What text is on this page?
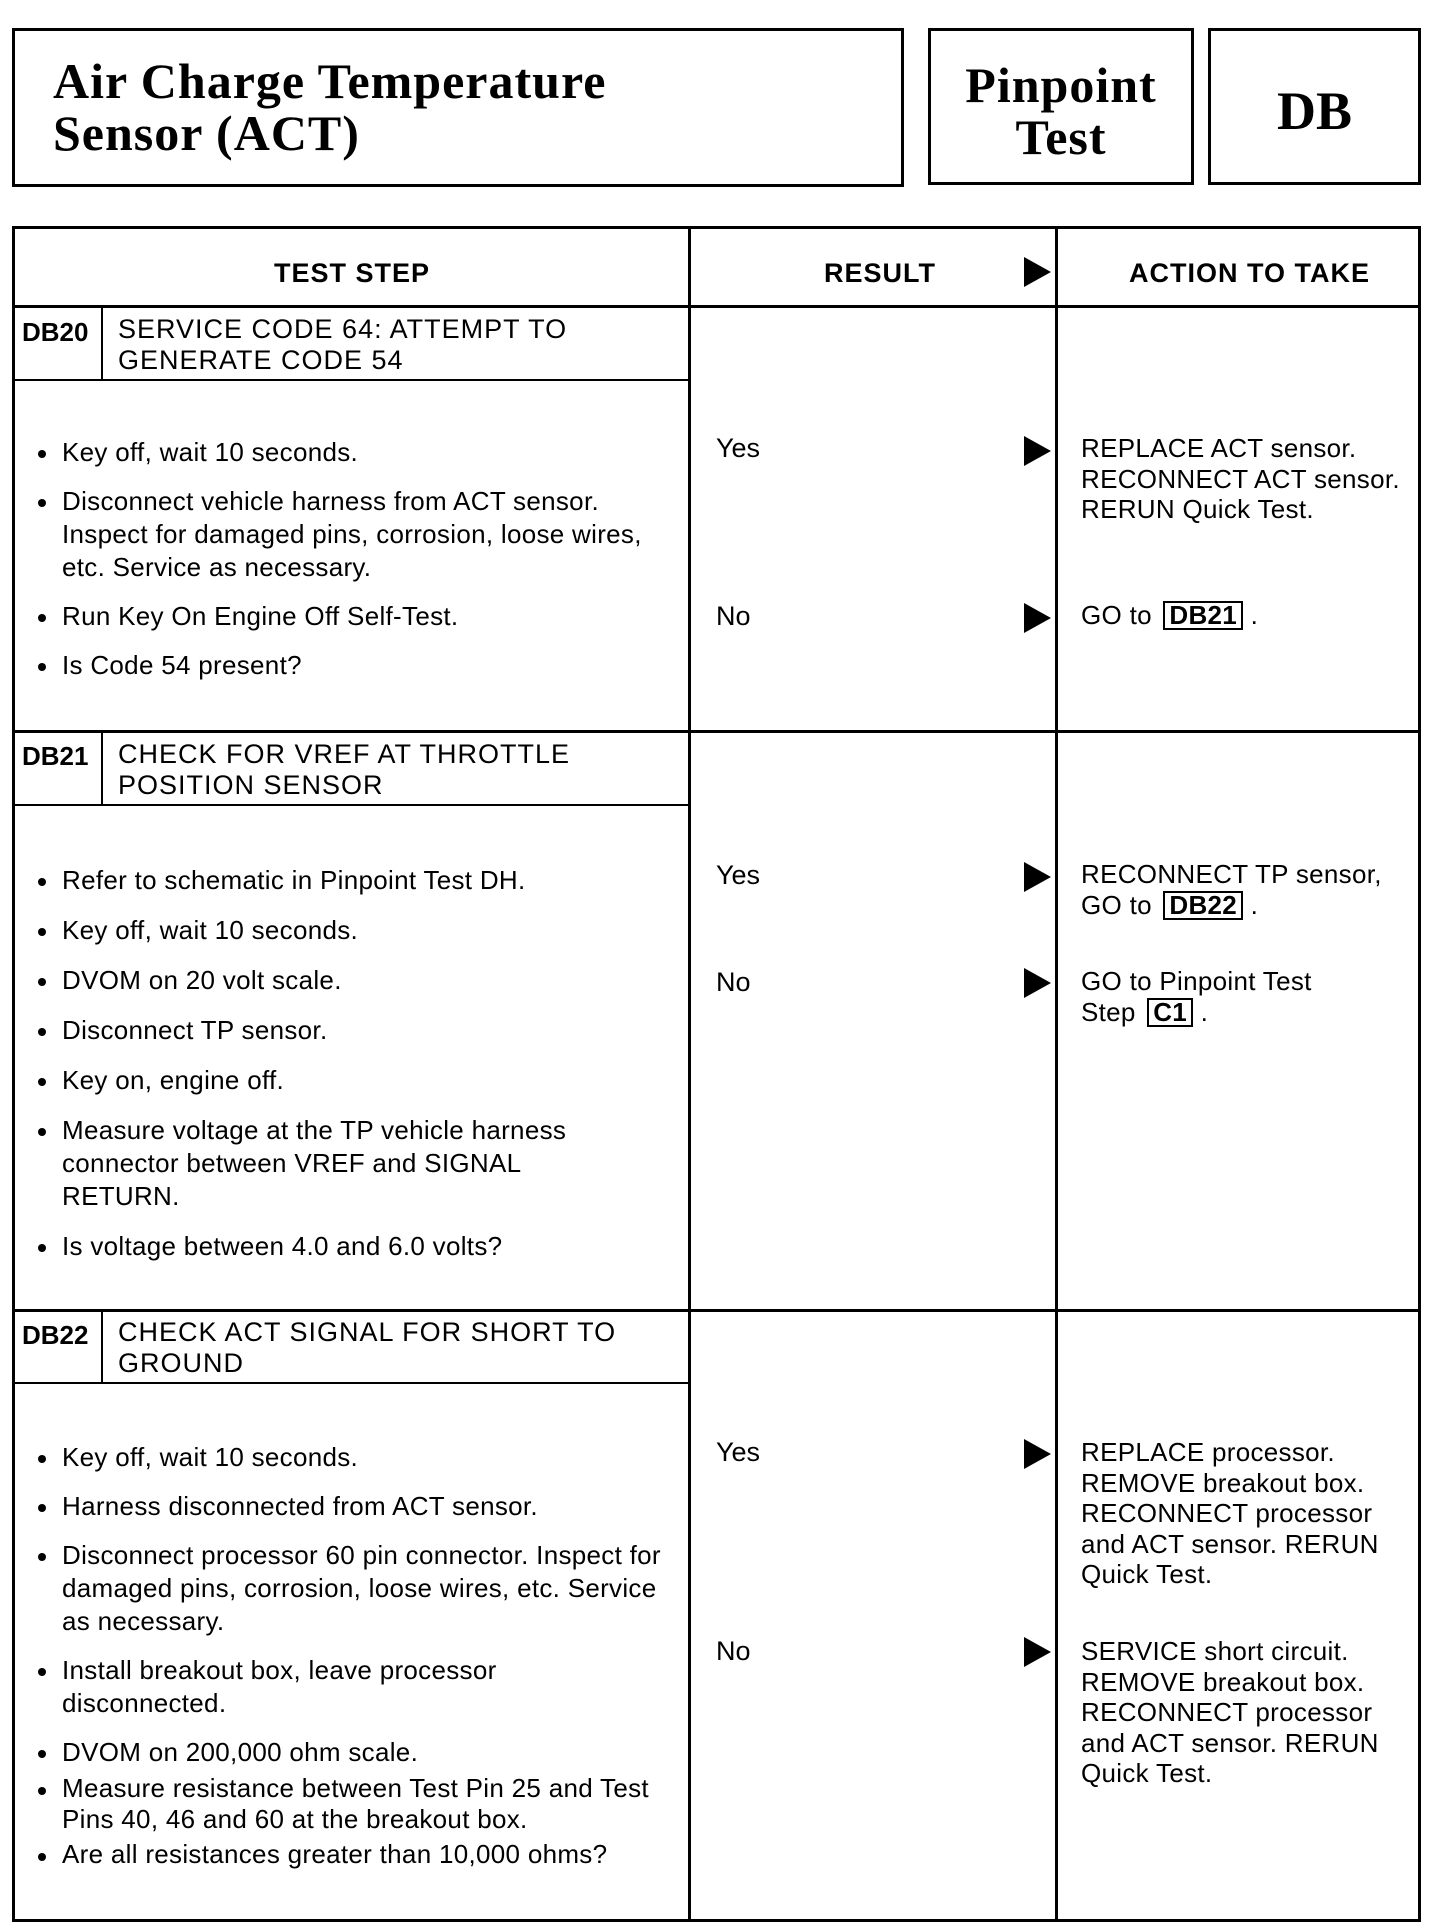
Air Charge Temperature
Sensor (ACT)
Pinpoint
Test	DB
TEST STEP	RESULT	ACTION TO TAKE
DB20 SERVICE CODE 64: ATTEMPT TO GENERATE CODE 54
Key off, wait 10 seconds.
Disconnect vehicle harness from ACT sensor. Inspect for damaged pins, corrosion, loose wires, etc. Service as necessary.
Run Key On Engine Off Self-Test.
Is Code 54 present?
Yes	REPLACE ACT sensor. RECONNECT ACT sensor. RERUN Quick Test.
No	GO to DB21 .
DB21 CHECK FOR VREF AT THROTTLE POSITION SENSOR
Refer to schematic in Pinpoint Test DH.
Key off, wait 10 seconds.
DVOM on 20 volt scale.
Disconnect TP sensor.
Key on, engine off.
Measure voltage at the TP vehicle harness connector between VREF and SIGNAL RETURN.
Is voltage between 4.0 and 6.0 volts?
Yes	RECONNECT TP sensor, GO to DB22 .
No	GO to Pinpoint Test Step C1 .
DB22 CHECK ACT SIGNAL FOR SHORT TO GROUND
Key off, wait 10 seconds.
Harness disconnected from ACT sensor.
Disconnect processor 60 pin connector. Inspect for damaged pins, corrosion, loose wires, etc. Service as necessary.
Install breakout box, leave processor disconnected.
DVOM on 200,000 ohm scale.
Measure resistance between Test Pin 25 and Test Pins 40, 46 and 60 at the breakout box.
Are all resistances greater than 10,000 ohms?
Yes	REPLACE processor. REMOVE breakout box. RECONNECT processor and ACT sensor. RERUN Quick Test.
No	SERVICE short circuit. REMOVE breakout box. RECONNECT processor and ACT sensor. RERUN Quick Test.
